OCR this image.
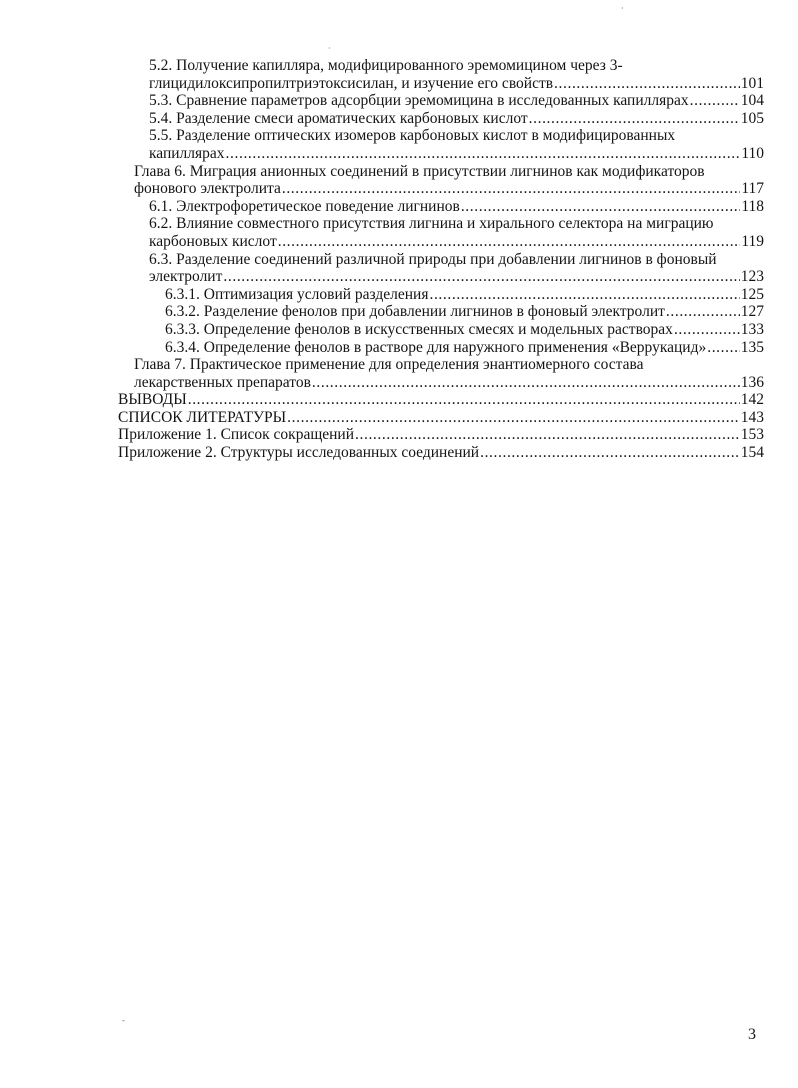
·
·
-
5.2. Получение капилляра, модифицированного эремомицином через 3-
глицидилоксипропилтриэтоксисилан, и изучение его свойств .....	101
5.3. Сравнение параметров адсорбции эремомицина в исследованных капиллярах .....	104
5.4. Разделение смеси ароматических карбоновых кислот .....	105
5.5. Разделение оптических изомеров карбоновых кислот в модифицированных
капиллярах .....	110
Глава 6. Миграция анионных соединений в присутствии лигнинов как модификаторов
фонового электролита .....	117
6.1. Электрофоретическое поведение лигнинов .....	118
6.2. Влияние совместного присутствия лигнина и хирального селектора на миграцию
карбоновых кислот .....	119
6.3. Разделение соединений различной природы при добавлении лигнинов в фоновый
электролит .....	123
6.3.1. Оптимизация условий разделения .....	125
6.3.2. Разделение фенолов при добавлении лигнинов в фоновый электролит .....	127
6.3.3. Определение фенолов в искусственных смесях и модельных растворах .....	133
6.3.4. Определение фенолов в растворе для наружного применения «Веррукацид» ..... 135
Глава 7. Практическое применение для определения энантиомерного состава
лекарственных препаратов .....	136
ВЫВОДЫ .....	142
СПИСОК ЛИТЕРАТУРЫ .....	143
Приложение 1. Список сокращений .....	153
Приложение 2. Структуры исследованных соединений .....	154
3
